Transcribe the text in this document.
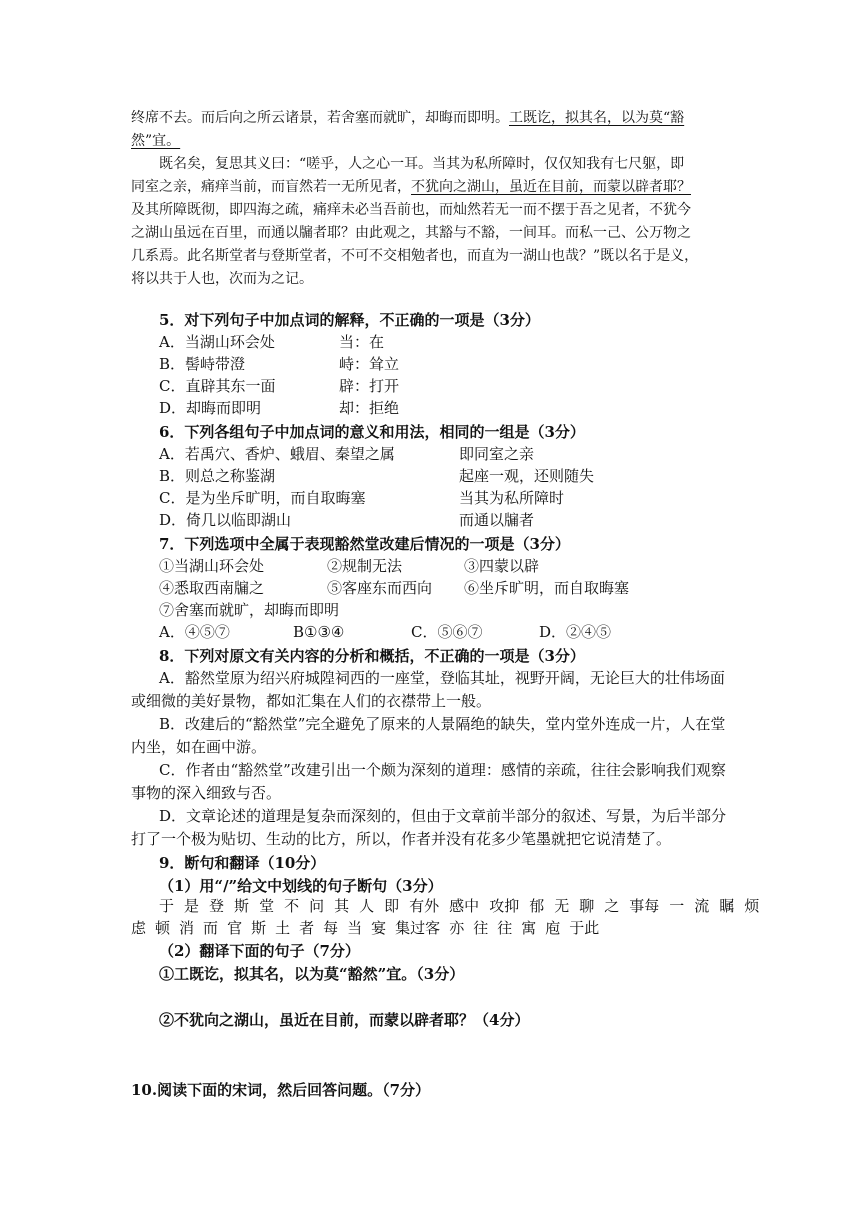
终席不去。而后向之所云诸景，若舍塞而就旷，却晦而即明。工既讫，拟其名，以为莫“豁
然”宜。
既名矣，复思其义曰：“嗟乎，人之心一耳。当其为私所障时，仅仅知我有七尺躯，即
同室之亲，痛痒当前，而盲然若一无所见者，不犹向之湖山，虽近在目前，而蒙以辟者耶？
及其所障既彻，即四海之疏，痛痒未必当吾前也，而灿然若无一而不摆于吾之见者，不犹今
之湖山虽远在百里，而通以牖者耶？由此观之，其豁与不豁，一间耳。而私一己、公万物之
几系焉。此名斯堂者与登斯堂者，不可不交相勉者也，而直为一湖山也哉？”既以名于是义，
将以共于人也，次而为之记。
5．对下列句子中加点词的解释，不正确的一项是（3分）
A．当湖山环会处	当：在
B．髻峙带澄	峙：耸立
C．直辟其东一面	辟：打开
D．却晦而即明	却：拒绝
6．下列各组句子中加点词的意义和用法，相同的一组是（3分）
A．若禹穴、香炉、蛾眉、秦望之属	即同室之亲
B．则总之称鉴湖	起座一观，还则随失
C．是为坐斥旷明，而自取晦塞	当其为私所障时
D．倚几以临即湖山	而通以牖者
7．下列选项中全属于表现豁然堂改建后情况的一项是（3分）
①当湖山环会处	②规制无法	③四蒙以辟
④悉取西南牖之	⑤客座东而西向 ⑥坐斥旷明，而自取晦塞
⑦舍塞而就旷，却晦而即明
A．④⑤⑦	B①③④	C．⑤⑥⑦	D．②④⑤
8．下列对原文有关内容的分析和概括，不正确的一项是（3分）
A．豁然堂原为绍兴府城隍祠西的一座堂，登临其址，视野开阔，无论巨大的壮伟场面
或细微的美好景物，都如汇集在人们的衣襟带上一般。
B．改建后的“豁然堂”完全避免了原来的人景隔绝的缺失，堂内堂外连成一片，人在堂
内坐，如在画中游。
C．作者由“豁然堂”改建引出一个颇为深刻的道理：感情的亲疏，往往会影响我们观察
事物的深入细致与否。
D．文章论述的道理是复杂而深刻的，但由于文章前半部分的叙述、写景，为后半部分
打了一个极为贴切、生动的比方，所以，作者并没有花多少笔墨就把它说清楚了。
9．断句和翻译（10分）
（1）用“/”给文中划线的句子断句（3分）
于 是 登 斯 堂 不 问 其 人 即 有外 感中 攻抑 郁 无 聊 之 事每 一 流 瞩 烦
虑 顿 消 而 官 斯 土 者 每 当 宴 集过客 亦 往 往 寓 庖 于此
（2）翻译下面的句子（7分）
①工既讫，拟其名，以为莫“豁然”宜。（3分）
②不犹向之湖山，虽近在目前，而蒙以辟者耶？（4分）
10.阅读下面的宋词，然后回答问题。（7分）
